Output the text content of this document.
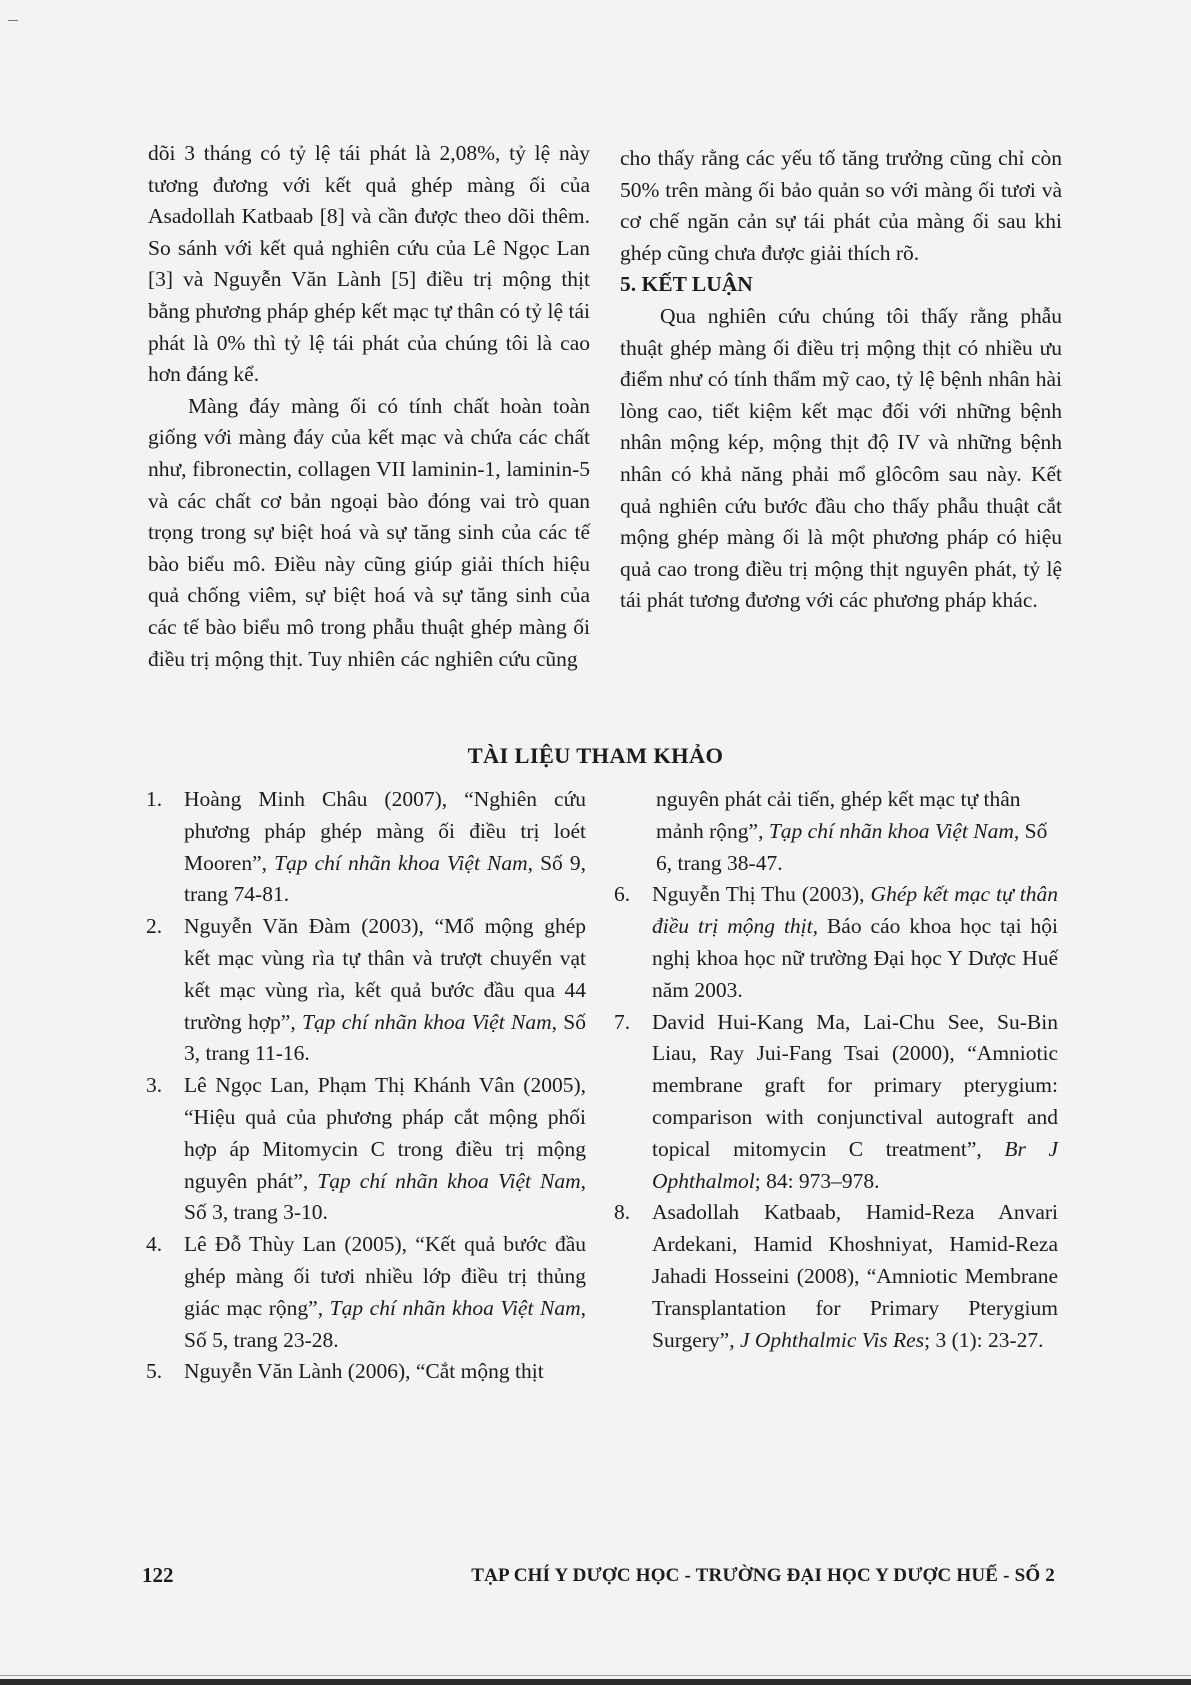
dõi 3 tháng có tỷ lệ tái phát là 2,08%, tỷ lệ này tương đương với kết quả ghép màng ối của Asadollah Katbaab [8] và cần được theo dõi thêm. So sánh với kết quả nghiên cứu của Lê Ngọc Lan [3] và Nguyễn Văn Lành [5] điều trị mộng thịt bằng phương pháp ghép kết mạc tự thân có tỷ lệ tái phát là 0% thì tỷ lệ tái phát của chúng tôi là cao hơn đáng kể.

Màng đáy màng ối có tính chất hoàn toàn giống với màng đáy của kết mạc và chứa các chất như, fibronectin, collagen VII laminin-1, laminin-5 và các chất cơ bản ngoại bào đóng vai trò quan trọng trong sự biệt hoá và sự tăng sinh của các tế bào biểu mô. Điều này cũng giúp giải thích hiệu quả chống viêm, sự biệt hoá và sự tăng sinh của các tế bào biểu mô trong phẫu thuật ghép màng ối điều trị mộng thịt. Tuy nhiên các nghiên cứu cũng

cho thấy rằng các yếu tố tăng trưởng cũng chỉ còn 50% trên màng ối bảo quản so với màng ối tươi và cơ chế ngăn cản sự tái phát của màng ối sau khi ghép cũng chưa được giải thích rõ.

5. KẾT LUẬN

Qua nghiên cứu chúng tôi thấy rằng phẫu thuật ghép màng ối điều trị mộng thịt có nhiều ưu điểm như có tính thẩm mỹ cao, tỷ lệ bệnh nhân hài lòng cao, tiết kiệm kết mạc đối với những bệnh nhân mộng kép, mộng thịt độ IV và những bệnh nhân có khả năng phải mổ glôcôm sau này. Kết quả nghiên cứu bước đầu cho thấy phẫu thuật cắt mộng ghép màng ối là một phương pháp có hiệu quả cao trong điều trị mộng thịt nguyên phát, tỷ lệ tái phát tương đương với các phương pháp khác.

TÀI LIỆU THAM KHẢO
1. Hoàng Minh Châu (2007), “Nghiên cứu phương pháp ghép màng ối điều trị loét Mooren”, Tạp chí nhãn khoa Việt Nam, Số 9, trang 74-81.
2. Nguyễn Văn Đàm (2003), “Mổ mộng ghép kết mạc vùng rìa tự thân và trượt chuyển vạt kết mạc vùng rìa, kết quả bước đầu qua 44 trường hợp”, Tạp chí nhãn khoa Việt Nam, Số 3, trang 11-16.
3. Lê Ngọc Lan, Phạm Thị Khánh Vân (2005), “Hiệu quả của phương pháp cắt mộng phối hợp áp Mitomycin C trong điều trị mộng nguyên phát”, Tạp chí nhãn khoa Việt Nam, Số 3, trang 3-10.
4. Lê Đỗ Thùy Lan (2005), “Kết quả bước đầu ghép màng ối tươi nhiều lớp điều trị thủng giác mạc rộng”, Tạp chí nhãn khoa Việt Nam, Số 5, trang 23-28.
5. Nguyễn Văn Lành (2006), “Cắt mộng thịt
nguyên phát cải tiến, ghép kết mạc tự thân mảnh rộng”, Tạp chí nhãn khoa Việt Nam, Số 6, trang 38-47.
6. Nguyễn Thị Thu (2003), Ghép kết mạc tự thân điều trị mộng thịt, Báo cáo khoa học tại hội nghị khoa học nữ trường Đại học Y Dược Huế năm 2003.
7. David Hui-Kang Ma, Lai-Chu See, Su-Bin Liau, Ray Jui-Fang Tsai (2000), “Amniotic membrane graft for primary pterygium: comparison with conjunctival autograft and topical mitomycin C treatment”, Br J Ophthalmol; 84: 973–978.
8. Asadollah Katbaab, Hamid-Reza Anvari Ardekani, Hamid Khoshniyat, Hamid-Reza Jahadi Hosseini (2008), “Amniotic Membrane Transplantation for Primary Pterygium Surgery”, J Ophthalmic Vis Res; 3 (1): 23-27.
122	TẠP CHÍ Y DƯỢC HỌC - TRƯỜNG ĐẠI HỌC Y DƯỢC HUẾ - SỐ 2
